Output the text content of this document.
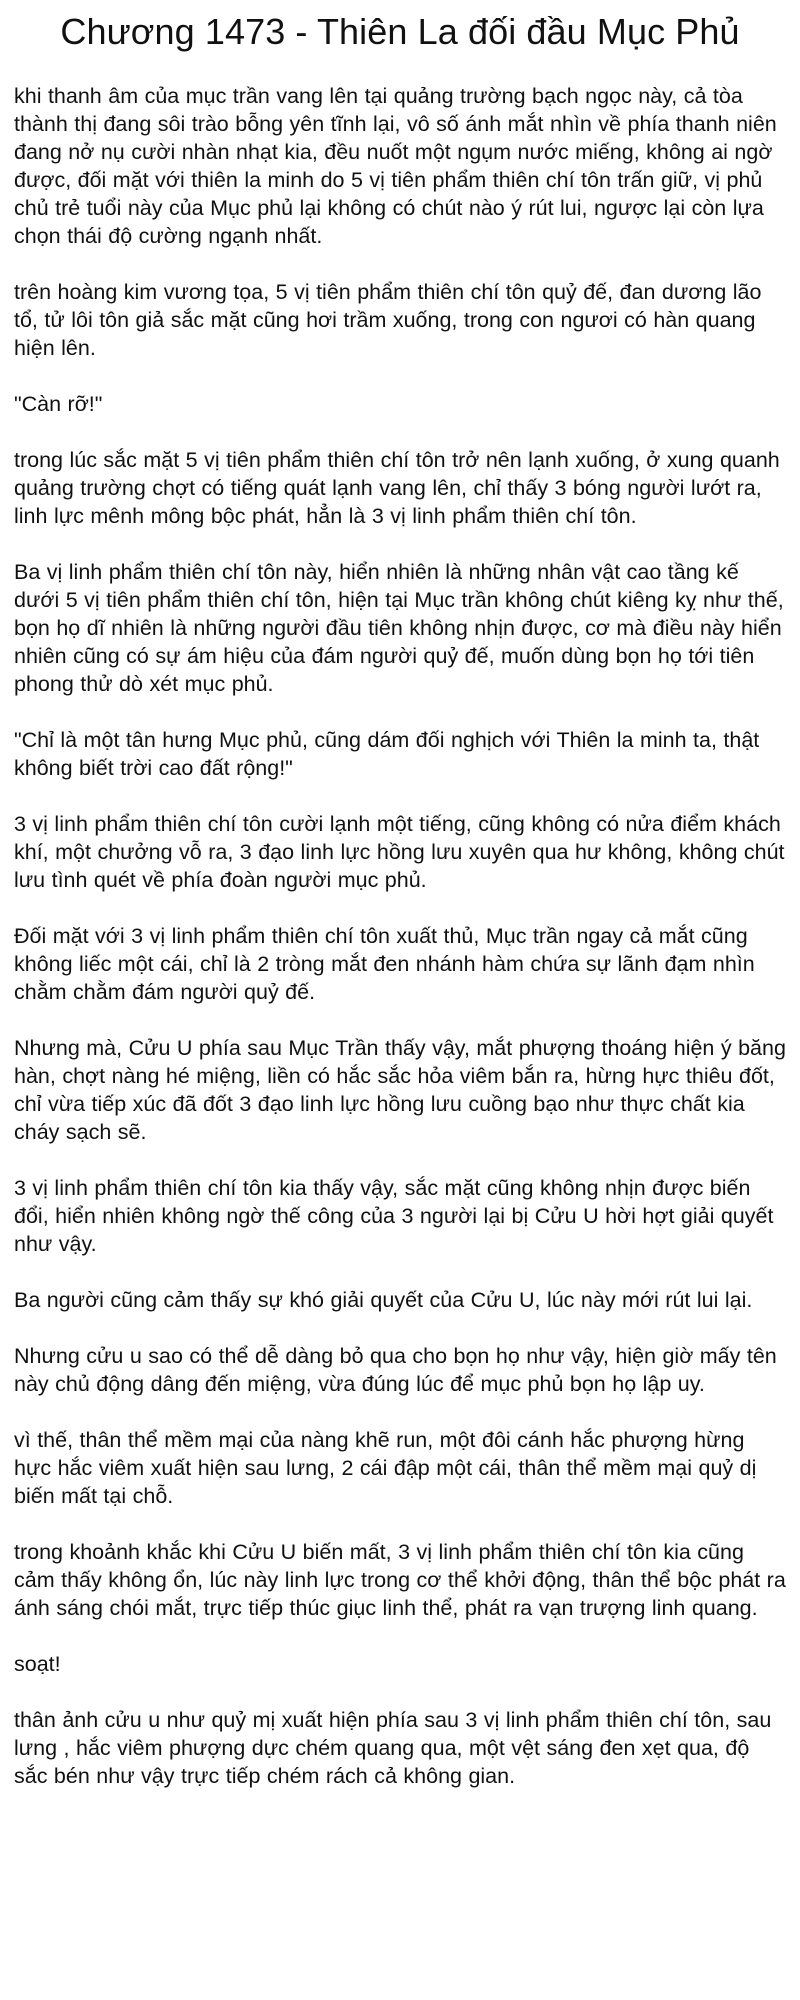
Chương 1473 - Thiên La đối đầu Mục Phủ

khi thanh âm của mục trần vang lên tại quảng trường bạch ngọc này, cả tòa thành thị đang sôi trào bỗng yên tĩnh lại, vô số ánh mắt nhìn về phía thanh niên đang nở nụ cười nhàn nhạt kia, đều nuốt một ngụm nước miếng, không ai ngờ được, đối mặt với thiên la minh do 5 vị tiên phẩm thiên chí tôn trấn giữ, vị phủ chủ trẻ tuổi này của Mục phủ lại không có chút nào ý rút lui, ngược lại còn lựa chọn thái độ cường ngạnh nhất.

trên hoàng kim vương tọa, 5 vị tiên phẩm thiên chí tôn quỷ đế, đan dương lão tổ, tử lôi tôn giả sắc mặt cũng hơi trầm xuống, trong con ngươi có hàn quang hiện lên.

"Càn rỡ!"

trong lúc sắc mặt 5 vị tiên phẩm thiên chí tôn trở nên lạnh xuống, ở xung quanh quảng trường chợt có tiếng quát lạnh vang lên, chỉ thấy 3 bóng người lướt ra, linh lực mênh mông bộc phát, hẳn là 3 vị linh phẩm thiên chí tôn.

Ba vị linh phẩm thiên chí tôn này, hiển nhiên là những nhân vật cao tầng kế dưới 5 vị tiên phẩm thiên chí tôn, hiện tại Mục trần không chút kiêng kỵ như thế, bọn họ dĩ nhiên là những người đầu tiên không nhịn được, cơ mà điều này hiển nhiên cũng có sự ám hiệu của đám người quỷ đế, muốn dùng bọn họ tới tiên phong thử dò xét mục phủ.

"Chỉ là một tân hưng Mục phủ, cũng dám đối nghịch với Thiên la minh ta, thật không biết trời cao đất rộng!"

3 vị linh phẩm thiên chí tôn cười lạnh một tiếng, cũng không có nửa điểm khách khí, một chưởng vỗ ra, 3 đạo linh lực hồng lưu xuyên qua hư không, không chút lưu tình quét về phía đoàn người mục phủ.

Đối mặt với 3 vị linh phẩm thiên chí tôn xuất thủ, Mục trần ngay cả mắt cũng không liếc một cái, chỉ là 2 tròng mắt đen nhánh hàm chứa sự lãnh đạm nhìn chằm chằm đám người quỷ đế.

Nhưng mà, Cửu U phía sau Mục Trần thấy vậy, mắt phượng thoáng hiện ý băng hàn, chợt nàng hé miệng, liền có hắc sắc hỏa viêm bắn ra, hừng hực thiêu đốt, chỉ vừa tiếp xúc đã đốt 3 đạo linh lực hồng lưu cuồng bạo như thực chất kia cháy sạch sẽ.

3 vị linh phẩm thiên chí tôn kia thấy vậy, sắc mặt cũng không nhịn được biến đổi, hiển nhiên không ngờ thế công của 3 người lại bị Cửu U hời hợt giải quyết như vậy.

Ba người cũng cảm thấy sự khó giải quyết của Cửu U, lúc này mới rút lui lại.

Nhưng cửu u sao có thể dễ dàng bỏ qua cho bọn họ như vậy, hiện giờ mấy tên này chủ động dâng đến miệng, vừa đúng lúc để mục phủ bọn họ lập uy.

vì thế, thân thể mềm mại của nàng khẽ run, một đôi cánh hắc phượng hừng hực hắc viêm xuất hiện sau lưng, 2 cái đập một cái, thân thể mềm mại quỷ dị biến mất tại chỗ.

trong khoảnh khắc khi Cửu U biến mất, 3 vị linh phẩm thiên chí tôn kia cũng cảm thấy không ổn, lúc này linh lực trong cơ thể khởi động, thân thể bộc phát ra ánh sáng chói mắt, trực tiếp thúc giục linh thể, phát ra vạn trượng linh quang.

soạt!

thân ảnh cửu u như quỷ mị xuất hiện phía sau 3 vị linh phẩm thiên chí tôn, sau lưng , hắc viêm phượng dực chém quang qua, một vệt sáng đen xẹt qua, độ sắc bén như vậy trực tiếp chém rách cả không gian.
